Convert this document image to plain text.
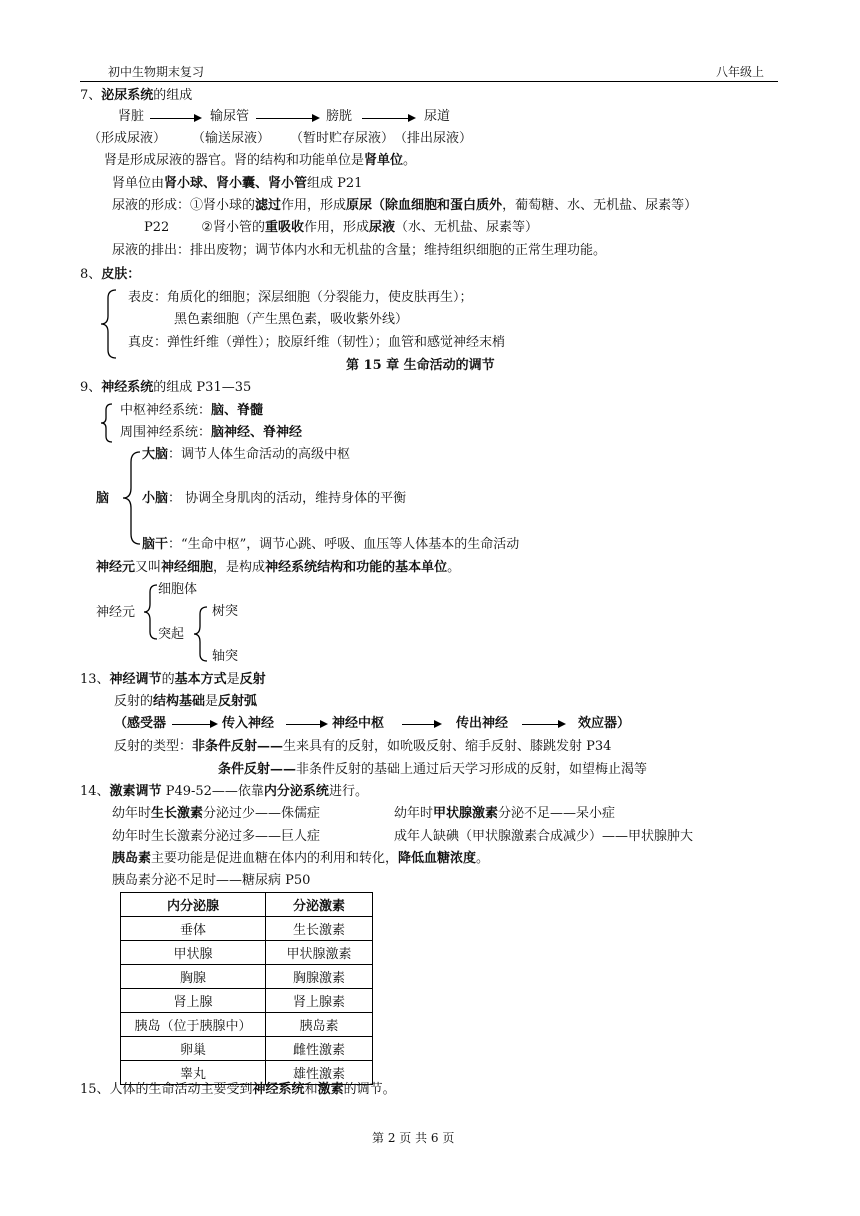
初中生物期末复习	八年级上
7、泌尿系统的组成
肾脏	输尿管	膀胱	尿道
（形成尿液） （输送尿液） （暂时贮存尿液） （排出尿液）
肾是形成尿液的器官。肾的结构和功能单位是肾单位。
肾单位由肾小球、肾小囊、肾小管组成 P21
尿液的形成：①肾小球的滤过作用，形成原尿（除血细胞和蛋白质外，葡萄糖、水、无机盐、尿素等）
P22 ②肾小管的重吸收作用，形成尿液（水、无机盐、尿素等）
尿液的排出：排出废物；调节体内水和无机盐的含量；维持组织细胞的正常生理功能。
8、皮肤：
表皮：角质化的细胞；深层细胞（分裂能力，使皮肤再生）；
黑色素细胞（产生黑色素，吸收紫外线）
真皮：弹性纤维（弹性）；胶原纤维（韧性）；血管和感觉神经末梢
第 15 章 生命活动的调节
9、神经系统的组成 P31—35
中枢神经系统：脑、脊髓
周围神经系统：脑神经、脊神经
脑
大脑：调节人体生命活动的高级中枢
小脑： 协调全身肌肉的活动，维持身体的平衡
脑干：“生命中枢”，调节心跳、呼吸、血压等人体基本的生命活动
神经元又叫神经细胞，是构成神经系统结构和功能的基本单位。
神经元
细胞体
突起
树突
轴突
13、神经调节的基本方式是反射
反射的结构基础是反射弧
（感受器	传入神经	神经中枢	传出神经	效应器）
反射的类型：非条件反射——生来具有的反射，如吮吸反射、缩手反射、膝跳发射 P34
条件反射——非条件反射的基础上通过后天学习形成的反射，如望梅止渴等
14、激素调节 P49-52——依靠内分泌系统进行。
幼年时生长激素分泌过少——侏儒症	幼年时甲状腺激素分泌不足——呆小症
幼年时生长激素分泌过多——巨人症	成年人缺碘（甲状腺激素合成减少）——甲状腺肿大
胰岛素主要功能是促进血糖在体内的利用和转化，降低血糖浓度。
胰岛素分泌不足时——糖尿病 P50
内分泌腺	分泌激素
垂体	生长激素
甲状腺	甲状腺激素
胸腺	胸腺激素
肾上腺	肾上腺素
胰岛（位于胰腺中）	胰岛素
卵巢	雌性激素
睾丸	雄性激素
15、人体的生命活动主要受到神经系统和激素的调节。
第 2 页 共 6 页
